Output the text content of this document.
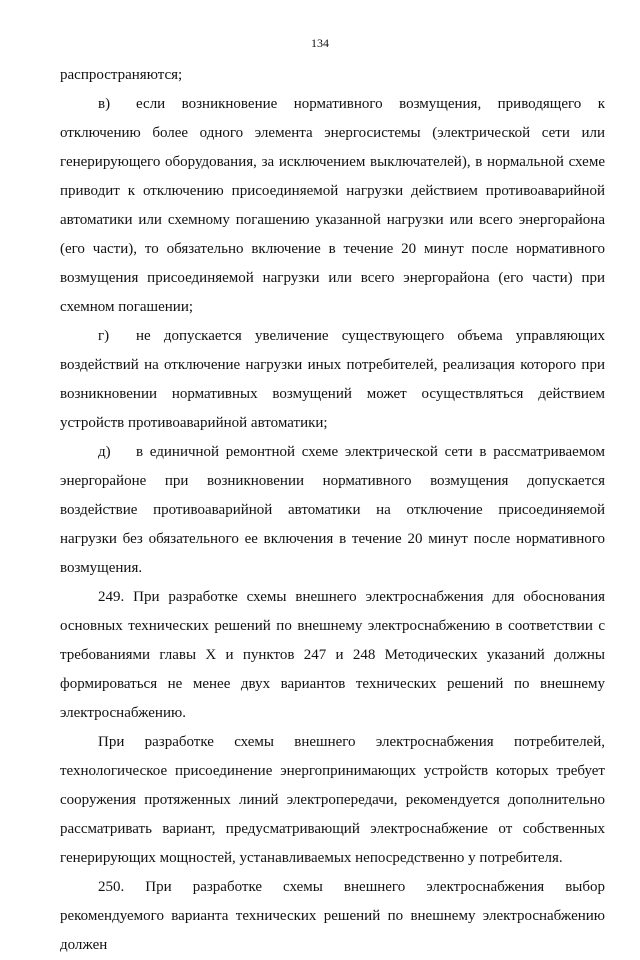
134

распространяются;

в) если возникновение нормативного возмущения, приводящего к отключению более одного элемента энергосистемы (электрической сети или генерирующего оборудования, за исключением выключателей), в нормальной схеме приводит к отключению присоединяемой нагрузки действием противоаварийной автоматики или схемному погашению указанной нагрузки или всего энергорайона (его части), то обязательно включение в течение 20 минут после нормативного возмущения присоединяемой нагрузки или всего энергорайона (его части) при схемном погашении;

г) не допускается увеличение существующего объема управляющих воздействий на отключение нагрузки иных потребителей, реализация которого при возникновении нормативных возмущений может осуществляться действием устройств противоаварийной автоматики;

д) в единичной ремонтной схеме электрической сети в рассматриваемом энергорайоне при возникновении нормативного возмущения допускается воздействие противоаварийной автоматики на отключение присоединяемой нагрузки без обязательного ее включения в течение 20 минут после нормативного возмущения.

249. При разработке схемы внешнего электроснабжения для обоснования основных технических решений по внешнему электроснабжению в соответствии с требованиями главы X и пунктов 247 и 248 Методических указаний должны формироваться не менее двух вариантов технических решений по внешнему электроснабжению.

При разработке схемы внешнего электроснабжения потребителей, технологическое присоединение энергопринимающих устройств которых требует сооружения протяженных линий электропередачи, рекомендуется дополнительно рассматривать вариант, предусматривающий электроснабжение от собственных генерирующих мощностей, устанавливаемых непосредственно у потребителя.

250. При разработке схемы внешнего электроснабжения выбор рекомендуемого варианта технических решений по внешнему электроснабжению должен
